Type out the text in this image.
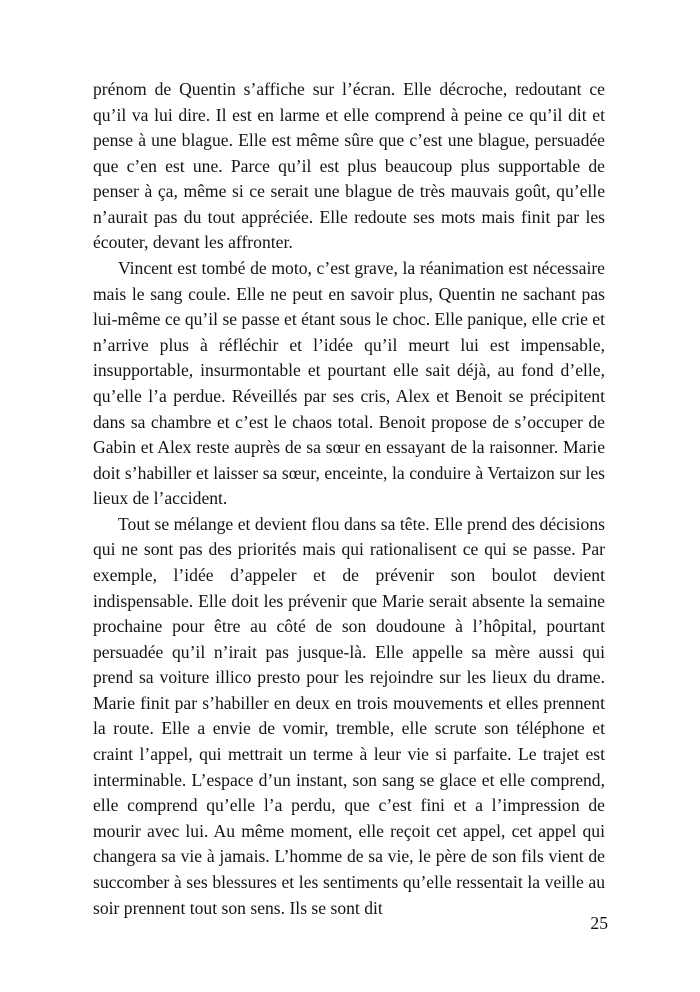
prénom de Quentin s’affiche sur l’écran. Elle décroche, redoutant ce qu’il va lui dire. Il est en larme et elle comprend à peine ce qu’il dit et pense à une blague. Elle est même sûre que c’est une blague, persuadée que c’en est une. Parce qu’il est plus beaucoup plus supportable de penser à ça, même si ce serait une blague de très mauvais goût, qu’elle n’aurait pas du tout appréciée. Elle redoute ses mots mais finit par les écouter, devant les affronter.

Vincent est tombé de moto, c’est grave, la réanimation est nécessaire mais le sang coule. Elle ne peut en savoir plus, Quentin ne sachant pas lui-même ce qu’il se passe et étant sous le choc. Elle panique, elle crie et n’arrive plus à réfléchir et l’idée qu’il meurt lui est impensable, insupportable, insurmontable et pourtant elle sait déjà, au fond d’elle, qu’elle l’a perdue. Réveillés par ses cris, Alex et Benoit se précipitent dans sa chambre et c’est le chaos total. Benoit propose de s’occuper de Gabin et Alex reste auprès de sa sœur en essayant de la raisonner. Marie doit s’habiller et laisser sa sœur, enceinte, la conduire à Vertaizon sur les lieux de l’accident.

Tout se mélange et devient flou dans sa tête. Elle prend des décisions qui ne sont pas des priorités mais qui rationalisent ce qui se passe. Par exemple, l’idée d’appeler et de prévenir son boulot devient indispensable. Elle doit les prévenir que Marie serait absente la semaine prochaine pour être au côté de son doudoune à l’hôpital, pourtant persuadée qu’il n’irait pas jusque-là. Elle appelle sa mère aussi qui prend sa voiture illico presto pour les rejoindre sur les lieux du drame. Marie finit par s’habiller en deux en trois mouvements et elles prennent la route. Elle a envie de vomir, tremble, elle scrute son téléphone et craint l’appel, qui mettrait un terme à leur vie si parfaite. Le trajet est interminable. L’espace d’un instant, son sang se glace et elle comprend, elle comprend qu’elle l’a perdu, que c’est fini et a l’impression de mourir avec lui. Au même moment, elle reçoit cet appel, cet appel qui changera sa vie à jamais. L’homme de sa vie, le père de son fils vient de succomber à ses blessures et les sentiments qu’elle ressentait la veille au soir prennent tout son sens. Ils se sont dit

25
